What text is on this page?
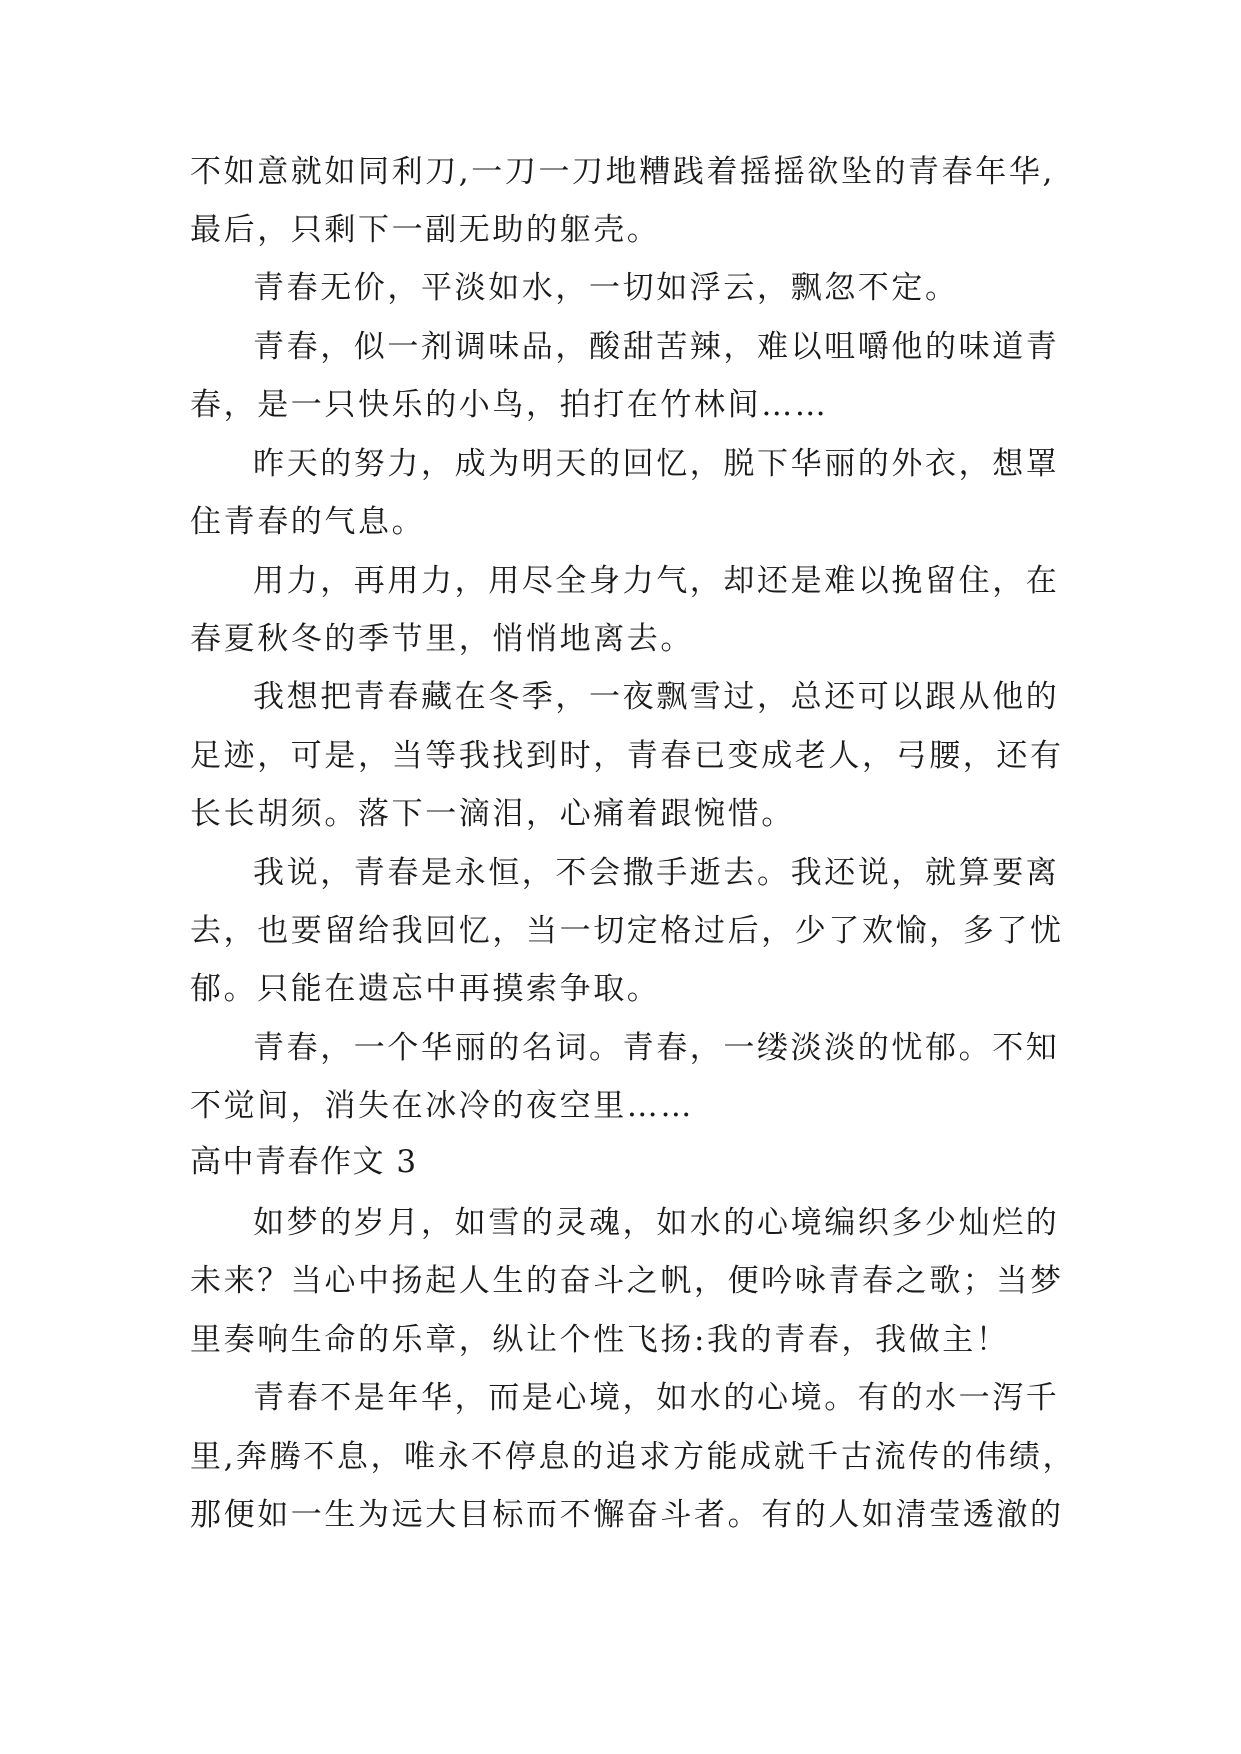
不如意就如同利刀,一刀一刀地糟践着摇摇欲坠的青春年华,
最后，只剩下一副无助的躯壳。
青春无价，平淡如水，一切如浮云，飘忽不定。
青春，似一剂调味品，酸甜苦辣，难以咀嚼他的味道青
春，是一只快乐的小鸟，拍打在竹林间……
昨天的努力，成为明天的回忆，脱下华丽的外衣，想罩
住青春的气息。
用力，再用力，用尽全身力气，却还是难以挽留住，在
春夏秋冬的季节里，悄悄地离去。
我想把青春藏在冬季，一夜飘雪过，总还可以跟从他的
足迹，可是，当等我找到时，青春已变成老人，弓腰，还有
长长胡须。落下一滴泪，心痛着跟惋惜。
我说，青春是永恒，不会撒手逝去。我还说，就算要离
去，也要留给我回忆，当一切定格过后，少了欢愉，多了忧
郁。只能在遗忘中再摸索争取。
青春，一个华丽的名词。青春，一缕淡淡的忧郁。不知
不觉间，消失在冰冷的夜空里……
高中青春作文 3
如梦的岁月，如雪的灵魂，如水的心境编织多少灿烂的
未来？当心中扬起人生的奋斗之帆，便吟咏青春之歌；当梦
里奏响生命的乐章，纵让个性飞扬:我的青春，我做主！
青春不是年华，而是心境，如水的心境。有的水一泻千
里,奔腾不息，唯永不停息的追求方能成就千古流传的伟绩，
那便如一生为远大目标而不懈奋斗者。有的人如清莹透澈的
